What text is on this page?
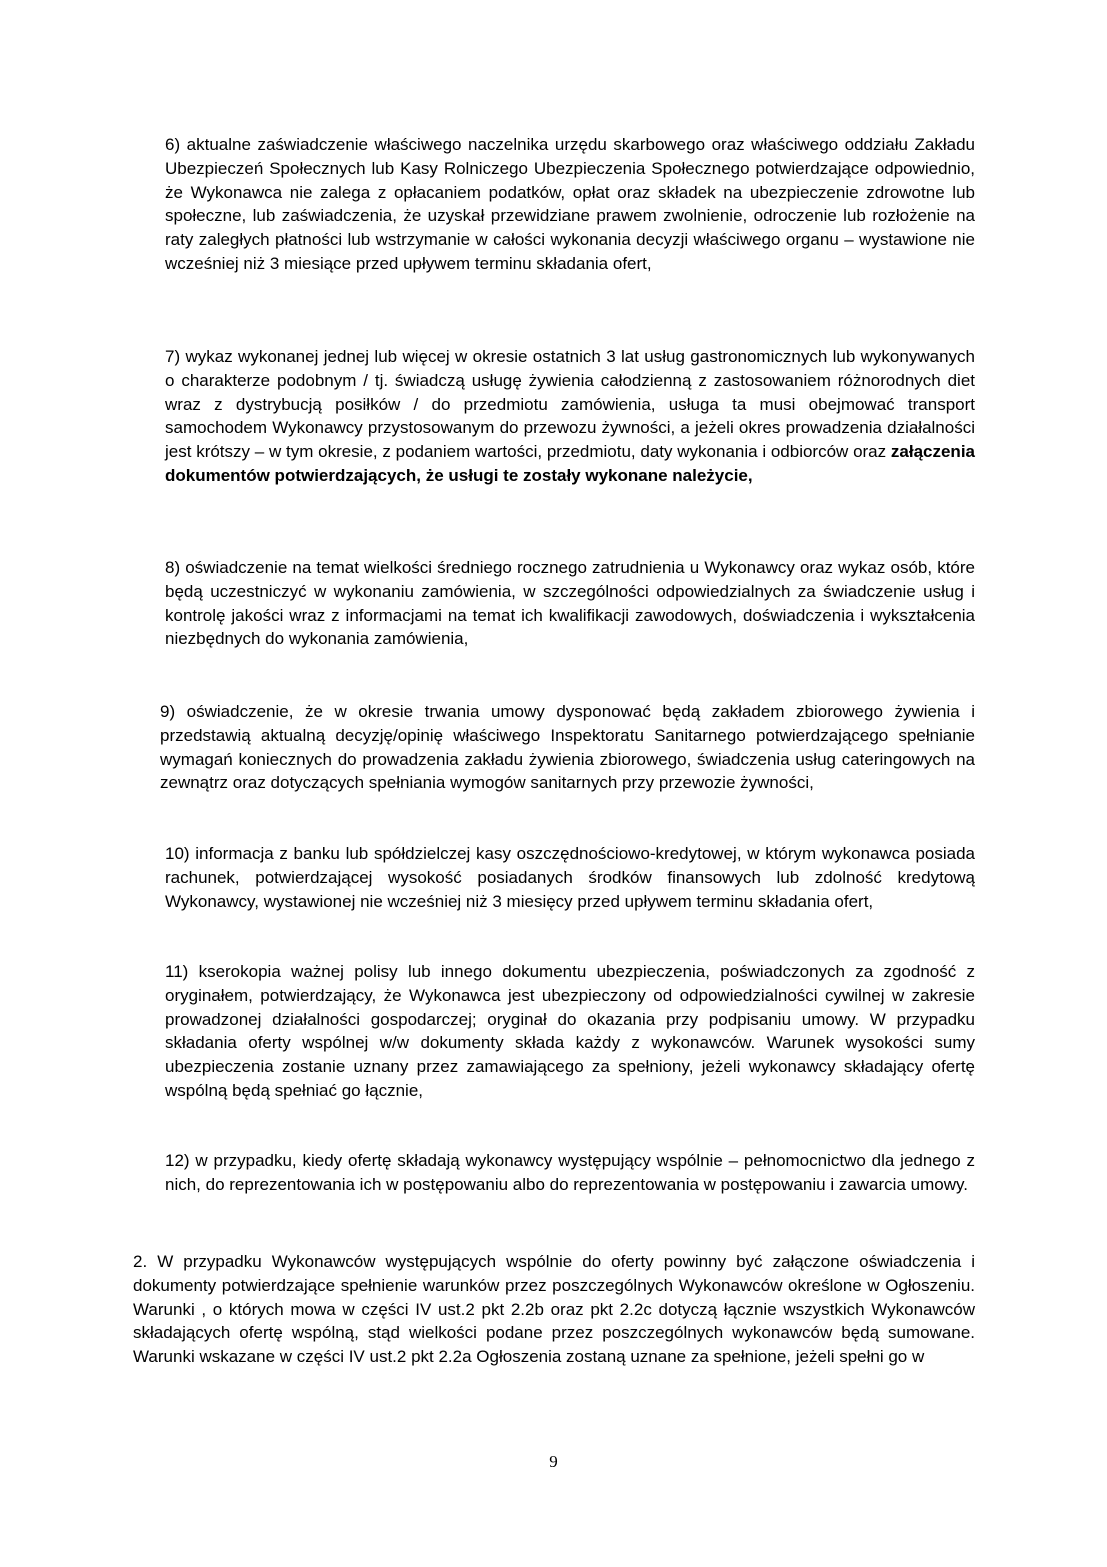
6) aktualne zaświadczenie właściwego naczelnika urzędu skarbowego oraz właściwego oddziału Zakładu Ubezpieczeń Społecznych lub Kasy Rolniczego Ubezpieczenia Społecznego potwierdzające odpowiednio, że Wykonawca nie zalega z opłacaniem podatków, opłat oraz składek na ubezpieczenie zdrowotne lub społeczne, lub zaświadczenia, że uzyskał przewidziane prawem zwolnienie, odroczenie lub rozłożenie na raty zaległych płatności lub wstrzymanie w całości wykonania decyzji właściwego organu – wystawione nie wcześniej niż 3 miesiące przed upływem terminu składania ofert,

7) wykaz wykonanej jednej lub więcej w okresie ostatnich 3 lat usług gastronomicznych lub wykonywanych o charakterze podobnym / tj. świadczą usługę żywienia całodzienną z zastosowaniem różnorodnych diet wraz z dystrybucją posiłków / do przedmiotu zamówienia, usługa ta musi obejmować transport samochodem Wykonawcy przystosowanym do przewozu żywności, a jeżeli okres prowadzenia działalności jest krótszy – w tym okresie, z podaniem wartości, przedmiotu, daty wykonania i odbiorców oraz załączenia dokumentów potwierdzających, że usługi te zostały wykonane należycie,

8) oświadczenie na temat wielkości średniego rocznego zatrudnienia u Wykonawcy oraz wykaz osób, które będą uczestniczyć w wykonaniu zamówienia, w szczególności odpowiedzialnych za świadczenie usług i kontrolę jakości wraz z informacjami na temat ich kwalifikacji zawodowych, doświadczenia i wykształcenia niezbędnych do wykonania zamówienia,

9) oświadczenie, że w okresie trwania umowy dysponować będą zakładem zbiorowego żywienia i przedstawią aktualną decyzję/opinię właściwego Inspektoratu Sanitarnego potwierdzającego spełnianie wymagań koniecznych do prowadzenia zakładu żywienia zbiorowego, świadczenia usług cateringowych na zewnątrz oraz dotyczących spełniania wymogów sanitarnych przy przewozie żywności,

10) informacja z banku lub spółdzielczej kasy oszczędnościowo-kredytowej, w którym wykonawca posiada rachunek, potwierdzającej wysokość posiadanych środków finansowych lub zdolność kredytową Wykonawcy, wystawionej nie wcześniej niż 3 miesięcy przed upływem terminu składania ofert,

11) kserokopia ważnej polisy lub innego dokumentu ubezpieczenia, poświadczonych za zgodność z oryginałem, potwierdzający, że Wykonawca jest ubezpieczony od odpowiedzialności cywilnej w zakresie prowadzonej działalności gospodarczej; oryginał do okazania przy podpisaniu umowy. W przypadku składania oferty wspólnej w/w dokumenty składa każdy z wykonawców. Warunek wysokości sumy ubezpieczenia zostanie uznany przez zamawiającego za spełniony, jeżeli wykonawcy składający ofertę wspólną będą spełniać go łącznie,

12) w przypadku, kiedy ofertę składają wykonawcy występujący wspólnie – pełnomocnictwo dla jednego z nich, do reprezentowania ich w postępowaniu albo do reprezentowania w postępowaniu i zawarcia umowy.

2. W przypadku Wykonawców występujących wspólnie do oferty powinny być załączone oświadczenia i dokumenty potwierdzające spełnienie warunków przez poszczególnych Wykonawców określone w Ogłoszeniu. Warunki , o których mowa w części IV ust.2 pkt 2.2b oraz pkt 2.2c dotyczą łącznie wszystkich Wykonawców składających ofertę wspólną, stąd wielkości podane przez poszczególnych wykonawców będą sumowane. Warunki wskazane w części IV ust.2 pkt 2.2a Ogłoszenia zostaną uznane za spełnione, jeżeli spełni go w

9
